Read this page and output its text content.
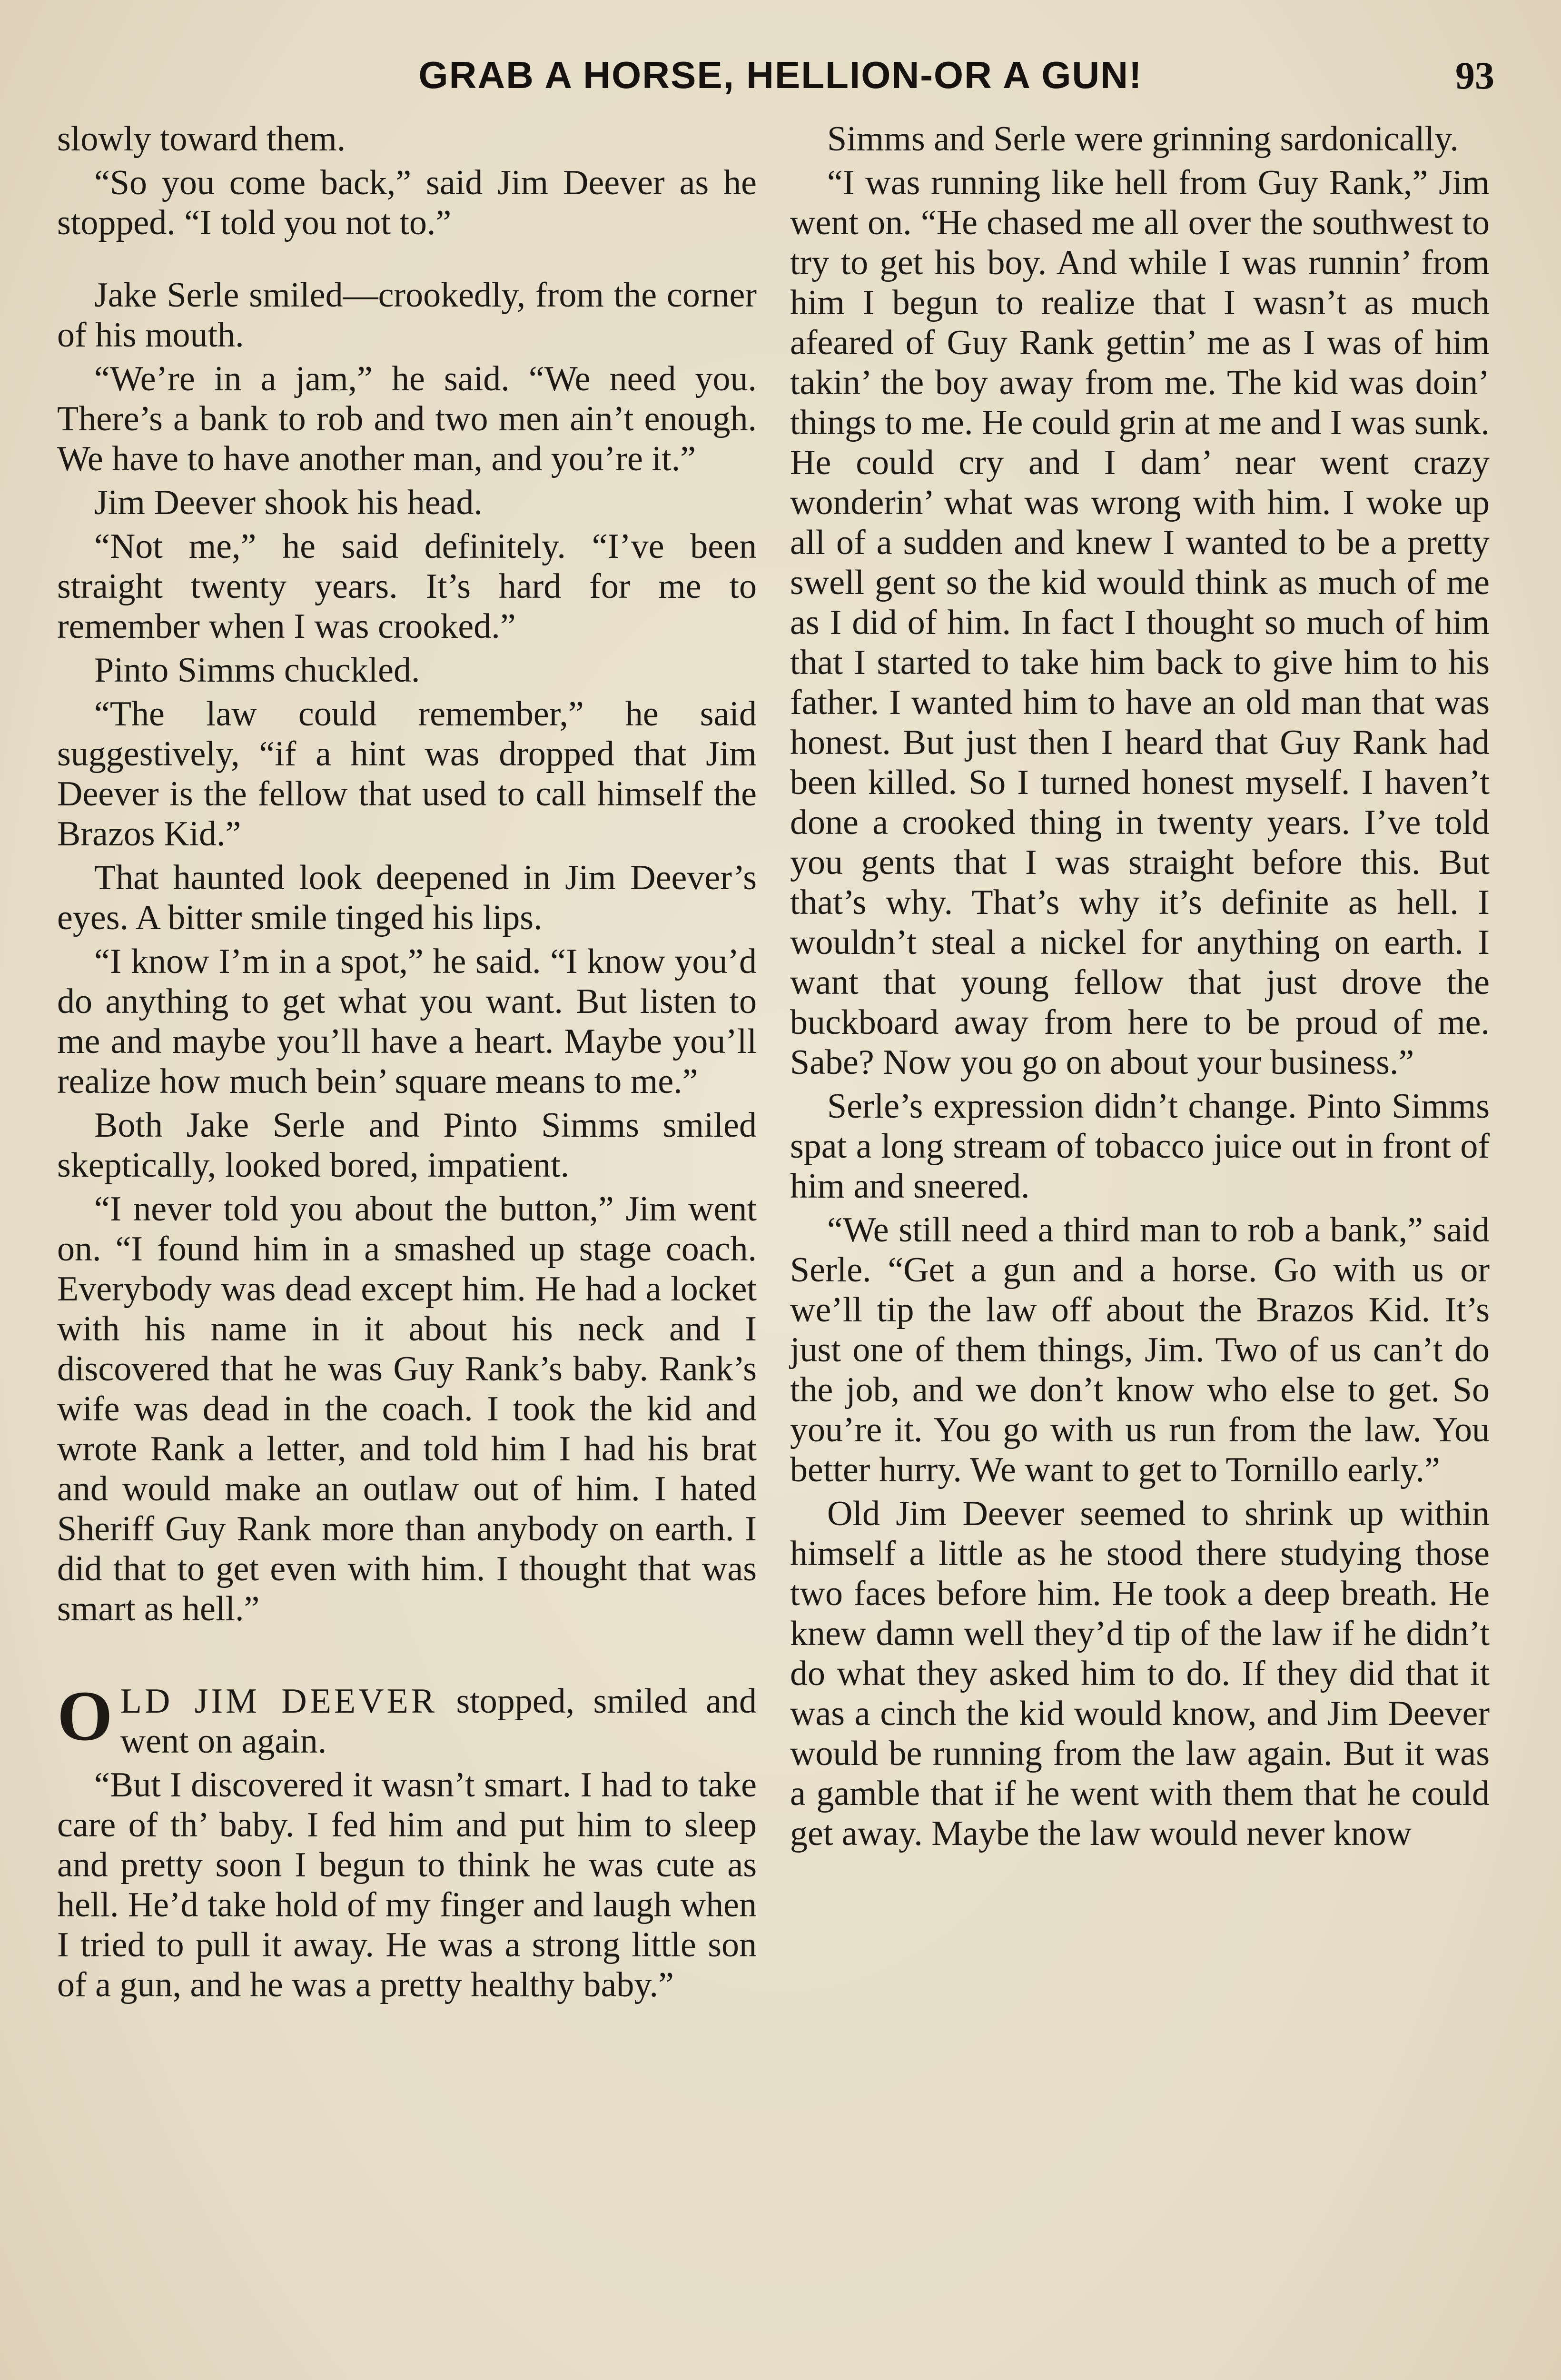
GRAB A HORSE, HELLION-OR A GUN!	93

slowly toward them.

“So you come back,” said Jim Deever as he stopped. “I told you not to.”

Jake Serle smiled—crookedly, from the corner of his mouth.

“We’re in a jam,” he said. “We need you. There’s a bank to rob and two men ain’t enough. We have to have another man, and you’re it.”

Jim Deever shook his head.

“Not me,” he said definitely. “I’ve been straight twenty years. It’s hard for me to remember when I was crooked.”

Pinto Simms chuckled.

“The law could remember,” he said suggestively, “if a hint was dropped that Jim Deever is the fellow that used to call himself the Brazos Kid.”

That haunted look deepened in Jim Deever’s eyes. A bitter smile tinged his lips.

“I know I’m in a spot,” he said. “I know you’d do anything to get what you want. But listen to me and maybe you’ll have a heart. Maybe you’ll realize how much bein’ square means to me.”

Both Jake Serle and Pinto Simms smiled skeptically, looked bored, impatient.

“I never told you about the button,” Jim went on. “I found him in a smashed up stage coach. Everybody was dead except him. He had a locket with his name in it about his neck and I discovered that he was Guy Rank’s baby. Rank’s wife was dead in the coach. I took the kid and wrote Rank a letter, and told him I had his brat and would make an outlaw out of him. I hated Sheriff Guy Rank more than anybody on earth. I did that to get even with him. I thought that was smart as hell.”

OLD JIM DEEVER stopped, smiled and went on again.

“But I discovered it wasn’t smart. I had to take care of th’ baby. I fed him and put him to sleep and pretty soon I begun to think he was cute as hell. He’d take hold of my finger and laugh when I tried to pull it away. He was a strong little son of a gun, and he was a pretty healthy baby.”

Simms and Serle were grinning sardonically.

“I was running like hell from Guy Rank,” Jim went on. “He chased me all over the southwest to try to get his boy. And while I was runnin’ from him I begun to realize that I wasn’t as much afeared of Guy Rank gettin’ me as I was of him takin’ the boy away from me. The kid was doin’ things to me. He could grin at me and I was sunk. He could cry and I dam’ near went crazy wonderin’ what was wrong with him. I woke up all of a sudden and knew I wanted to be a pretty swell gent so the kid would think as much of me as I did of him. In fact I thought so much of him that I started to take him back to give him to his father. I wanted him to have an old man that was honest. But just then I heard that Guy Rank had been killed. So I turned honest myself. I haven’t done a crooked thing in twenty years. I’ve told you gents that I was straight before this. But that’s why. That’s why it’s definite as hell. I wouldn’t steal a nickel for anything on earth. I want that young fellow that just drove the buckboard away from here to be proud of me. Sabe? Now you go on about your business.”

Serle’s expression didn’t change. Pinto Simms spat a long stream of tobacco juice out in front of him and sneered.

“We still need a third man to rob a bank,” said Serle. “Get a gun and a horse. Go with us or we’ll tip the law off about the Brazos Kid. It’s just one of them things, Jim. Two of us can’t do the job, and we don’t know who else to get. So you’re it. You go with us run from the law. You better hurry. We want to get to Tornillo early.”

Old Jim Deever seemed to shrink up within himself a little as he stood there studying those two faces before him. He took a deep breath. He knew damn well they’d tip of the law if he didn’t do what they asked him to do. If they did that it was a cinch the kid would know, and Jim Deever would be running from the law again. But it was a gamble that if he went with them that he could get away. Maybe the law would never know
